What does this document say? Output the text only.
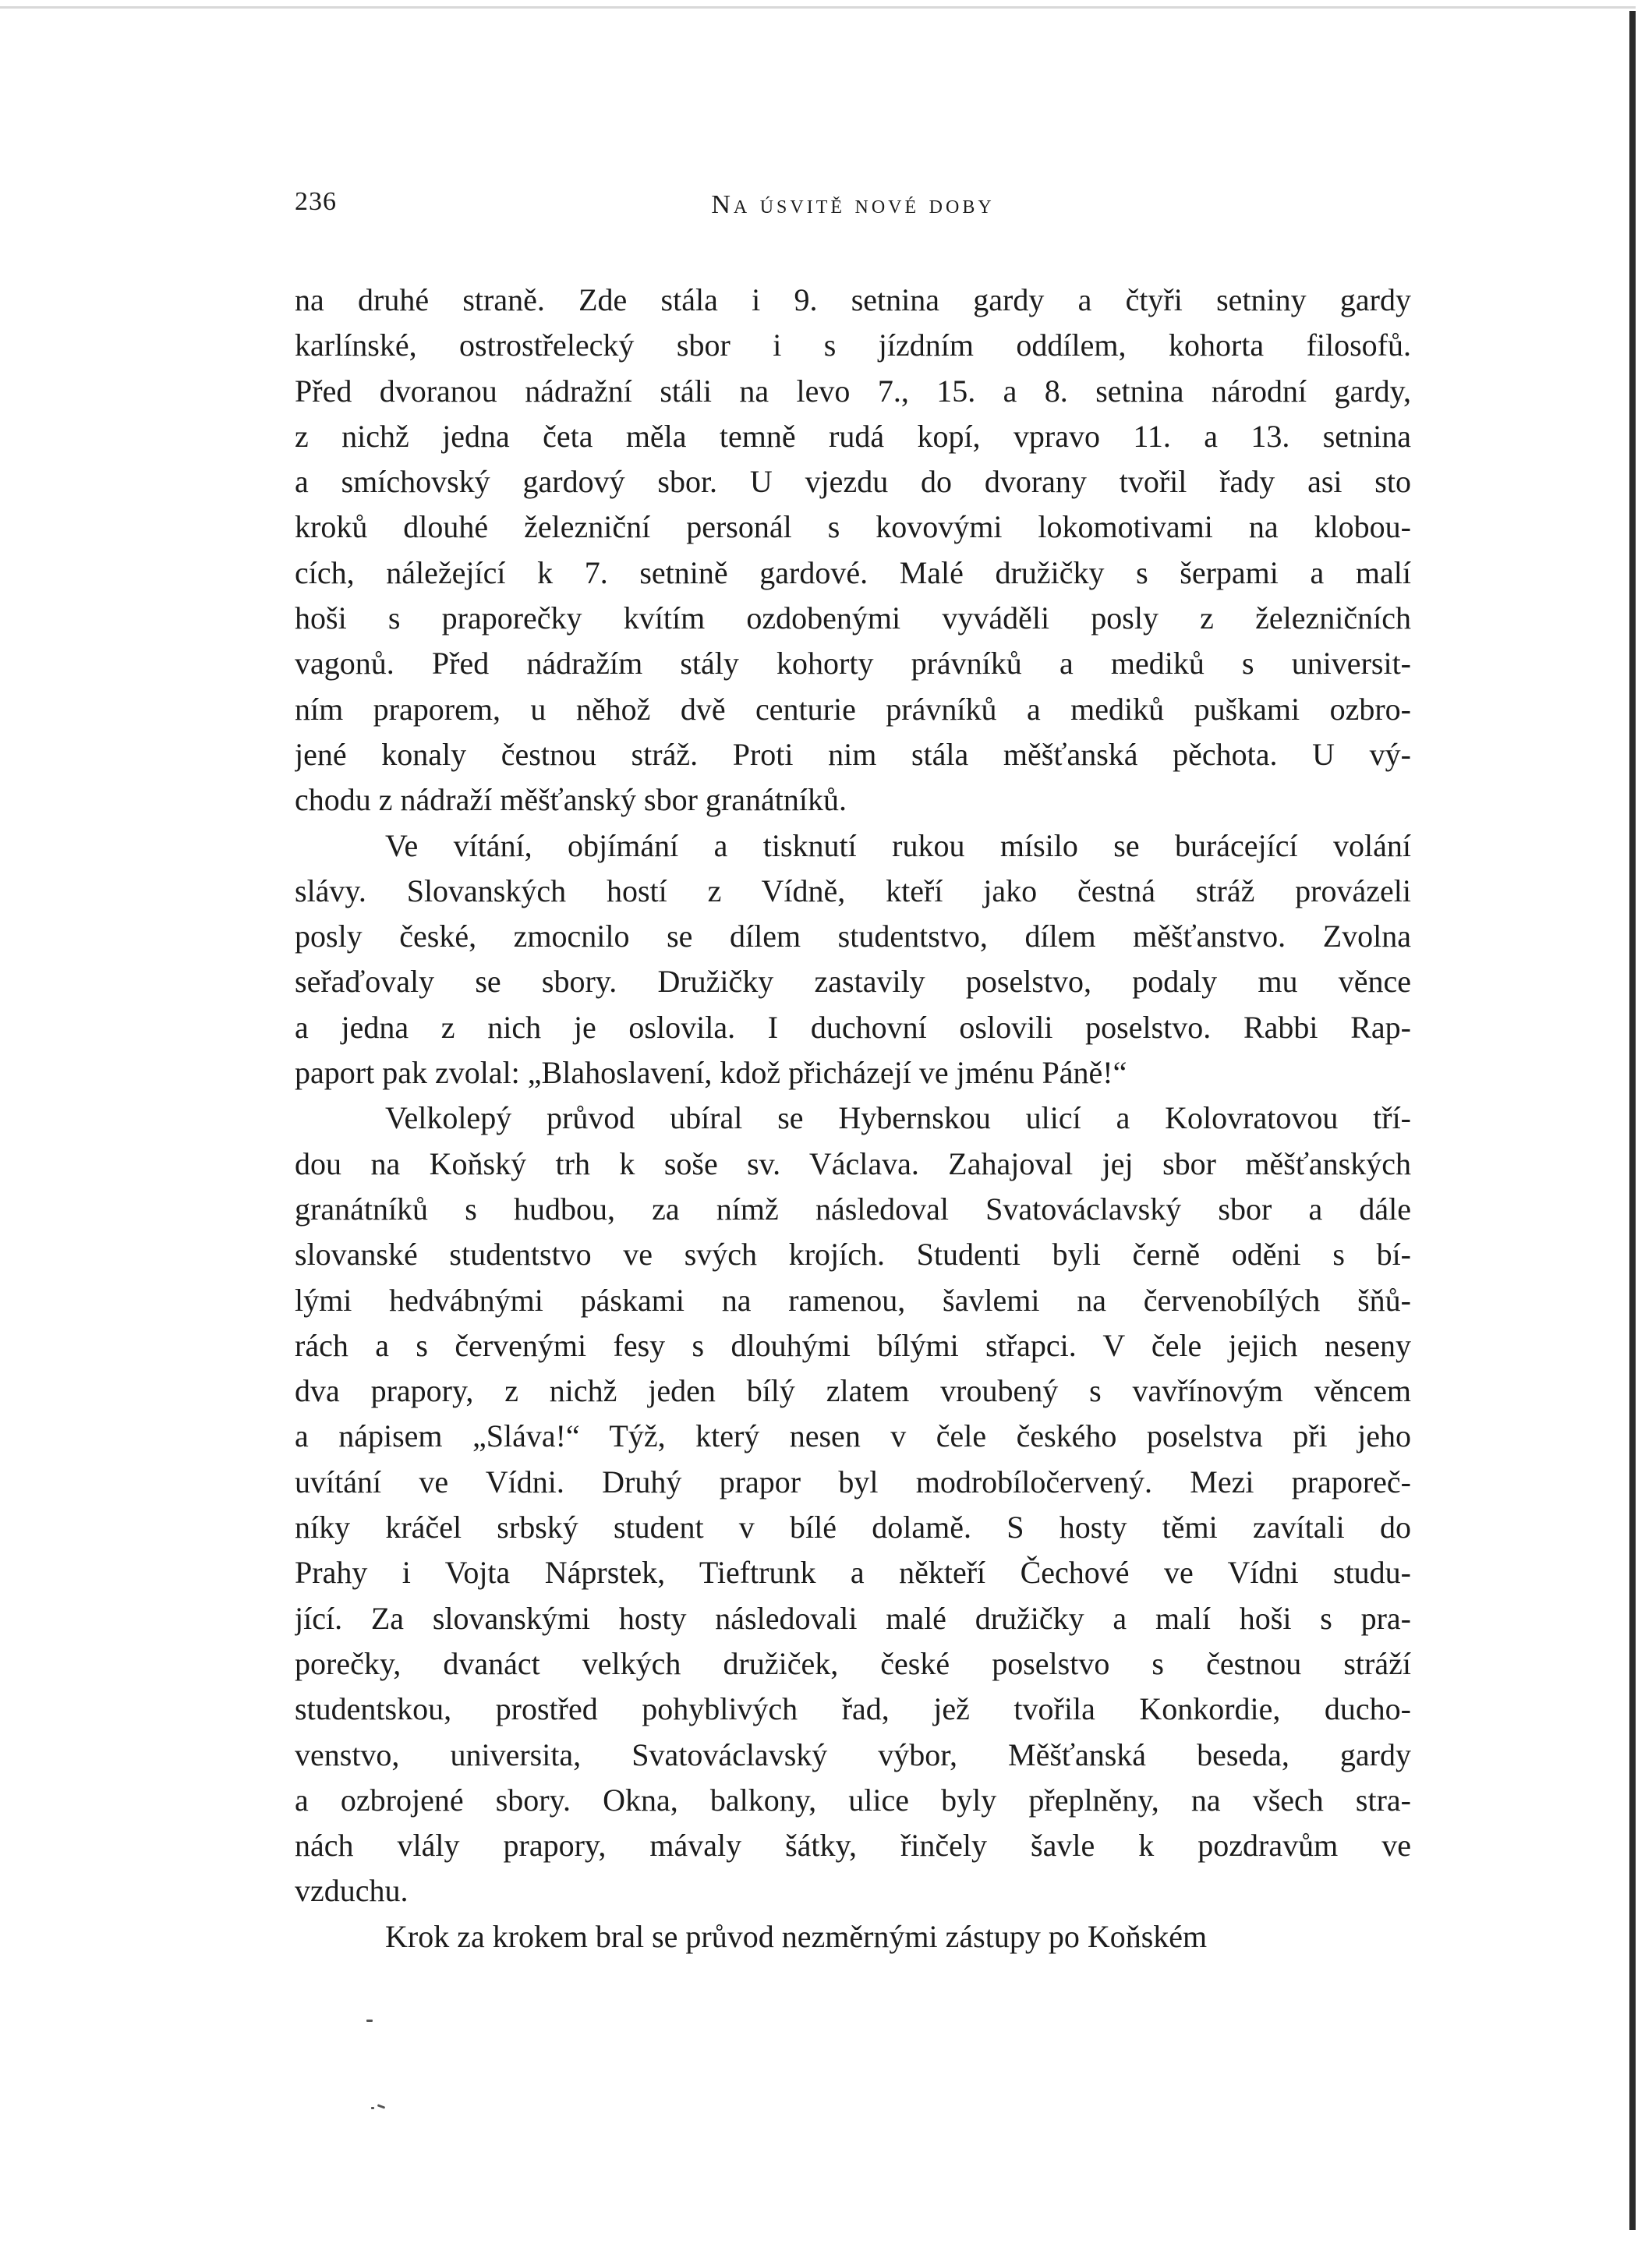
236	Na úsvitě nové doby
na druhé straně. Zde stála i 9. setnina gardy a čtyři setniny gardy
karlínské, ostrostřelecký sbor i s jízdním oddílem, kohorta filosofů.
Před dvoranou nádražní stáli na levo 7., 15. a 8. setnina národní gardy,
z nichž jedna četa měla temně rudá kopí, vpravo 11. a 13. setnina
a smíchovský gardový sbor. U vjezdu do dvorany tvořil řady asi sto
kroků dlouhé železniční personál s kovovými lokomotivami na klobou-
cích, náležející k 7. setnině gardové. Malé družičky s šerpami a malí
hoši s praporečky kvítím ozdobenými vyváděli posly z železničních
vagonů. Před nádražím stály kohorty právníků a mediků s universit-
ním praporem, u něhož dvě centurie právníků a mediků puškami ozbro-
jené konaly čestnou stráž. Proti nim stála měšťanská pěchota. U vý-
chodu z nádraží měšťanský sbor granátníků.
Ve vítání, objímání a tisknutí rukou mísilo se burácející volání
slávy. Slovanských hostí z Vídně, kteří jako čestná stráž provázeli
posly české, zmocnilo se dílem studentstvo, dílem měšťanstvo. Zvolna
seřaďovaly se sbory. Družičky zastavily poselstvo, podaly mu věnce
a jedna z nich je oslovila. I duchovní oslovili poselstvo. Rabbi Rap-
paport pak zvolal: „Blahoslavení, kdož přicházejí ve jménu Páně!“
Velkolepý průvod ubíral se Hybernskou ulicí a Kolovratovou tří-
dou na Koňský trh k soše sv. Václava. Zahajoval jej sbor měšťanských
granátníků s hudbou, za nímž následoval Svatováclavský sbor a dále
slovanské studentstvo ve svých krojích. Studenti byli černě oděni s bí-
lými hedvábnými páskami na ramenou, šavlemi na červenobílých šňů-
rách a s červenými fesy s dlouhými bílými střapci. V čele jejich neseny
dva prapory, z nichž jeden bílý zlatem vroubený s vavřínovým věncem
a nápisem „Sláva!“ Týž, který nesen v čele českého poselstva při jeho
uvítání ve Vídni. Druhý prapor byl modrobíločervený. Mezi praporeč-
níky kráčel srbský student v bílé dolamě. S hosty těmi zavítali do
Prahy i Vojta Náprstek, Tieftrunk a někteří Čechové ve Vídni studu-
jící. Za slovanskými hosty následovali malé družičky a malí hoši s pra-
porečky, dvanáct velkých družiček, české poselstvo s čestnou stráží
studentskou, prostřed pohyblivých řad, jež tvořila Konkordie, ducho-
venstvo, universita, Svatováclavský výbor, Měšťanská beseda, gardy
a ozbrojené sbory. Okna, balkony, ulice byly přeplněny, na všech stra-
nách vlály prapory, mávaly šátky, řinčely šavle k pozdravům ve
vzduchu.
Krok za krokem bral se průvod nezměrnými zástupy po Koňském
